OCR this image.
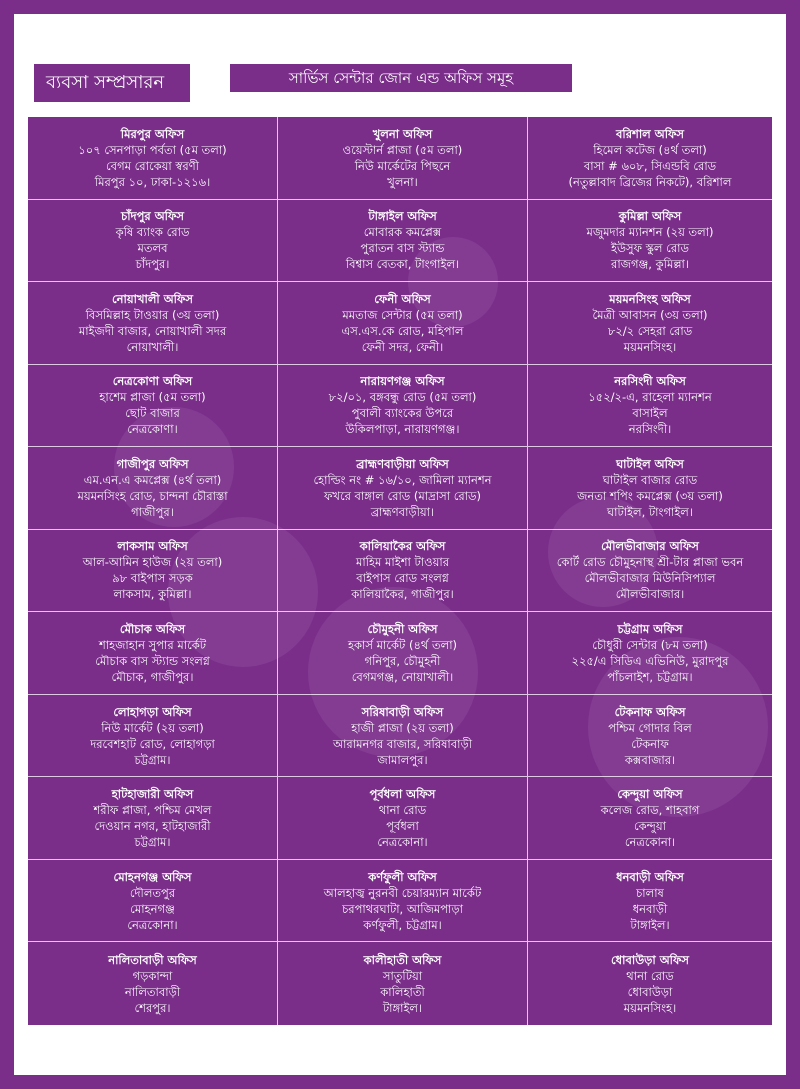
ব্যবসা সম্প্রসারন	সার্ভিস সেন্টার জোন এন্ড অফিস সমূহ
মিরপুর অফিস
১০৭ সেনপাড়া পর্বতা (৫ম তলা)
বেগম রোকেয়া স্বরণী
মিরপুর ১০, ঢাকা-১২১৬।
খুলনা অফিস
ওয়েস্টার্ন প্লাজা (৫ম তলা)
নিউ মার্কেটের পিছনে
খুলনা।
বরিশাল অফিস
হিমেল কটেজ (৪র্থ তলা)
বাসা # ৬০৮, সিএন্ডবি রোড
(নতুল্লাবাদ ব্রিজের নিকটে), বরিশাল
চাঁদপুর অফিস
কৃষি ব্যাংক রোড
মতলব
চাঁদপুর।
টাঙ্গাইল অফিস
মোবারক কমপ্লেক্স
পুরাতন বাস স্ট্যান্ড
বিশ্বাস বেতকা, টাংগাইল।
কুমিল্লা অফিস
মজুমদার ম্যানশন (২য় তলা)
ইউসুফ স্কুল রোড
রাজগঞ্জ, কুমিল্লা।
নোয়াখালী অফিস
বিসমিল্লাহ টাওয়ার (৩য় তলা)
মাইজদী বাজার, নোয়াখালী সদর
নোয়াখালী।
ফেনী অফিস
মমতাজ সেন্টার (৫ম তলা)
এস.এস.কে রোড, মহিপাল
ফেনী সদর, ফেনী।
ময়মনসিংহ অফিস
মৈত্রী আবাসন (৩য় তলা)
৮২/২ সেহরা রোড
ময়মনসিংহ।
নেত্রকোণা অফিস
হাশেম প্লাজা (৫ম তলা)
ছোট বাজার
নেত্রকোণা।
নারায়ণগঞ্জ অফিস
৮২/০১, বঙ্গবন্ধু রোড (৫ম তলা)
পুবালী ব্যাংকের উপরে
উকিলপাড়া, নারায়ণগঞ্জ।
নরসিংদী অফিস
১৫২/২-এ, রাহেলা ম্যানশন
বাসাইল
নরসিংদী।
গাজীপুর অফিস
এম.এন.এ কমপ্লেক্স (৪র্থ তলা)
ময়মনসিংহ রোড, চান্দনা চৌরাস্তা
গাজীপুর।
ব্রাহ্মণবাড়ীয়া অফিস
হোল্ডিং নং # ১৬/১০, জামিলা ম্যানশন
ফখরে বাঙ্গাল রোড (মাদ্রাসা রোড)
ব্রাহ্মণবাড়ীয়া।
ঘাটাইল অফিস
ঘাটাইল বাজার রোড
জনতা শপিং কমপ্লেক্স (৩য় তলা)
ঘাটাইল, টাংগাইল।
লাকসাম অফিস
আল-আমিন হাউজ (২য় তলা)
৯৮ বাইপাস সড়ক
লাকসাম, কুমিল্লা।
কালিয়াকৈর অফিস
মাহিম মাইশা টাওয়ার
বাইপাস রোড সংলগ্ন
কালিয়াকৈর, গাজীপুর।
মৌলভীবাজার অফিস
কোর্ট রোড চৌমুহনাস্থ শ্রী-টার প্লাজা ভবন
মৌলভীবাজার মিউনিসিপ্যাল
মৌলভীবাজার।
মৌচাক অফিস
শাহজাহান সুপার মার্কেট
মৌচাক বাস স্ট্যান্ড সংলগ্ন
মৌচাক, গাজীপুর।
চৌমুহনী অফিস
হকার্স মার্কেট (৪র্থ তলা)
গনিপুর, চৌমুহনী
বেগমগঞ্জ, নোয়াখালী।
চট্টগ্রাম অফিস
চৌধুরী সেন্টার (৮ম তলা)
২২৫/এ সিডিএ এভিনিউ, মুরাদপুর
পাঁচলাইশ, চট্টগ্রাম।
লোহাগড়া অফিস
নিউ মার্কেট (২য় তলা)
দরবেশহাট রোড, লোহাগড়া
চট্টগ্রাম।
সরিষাবাড়ী অফিস
হাজী প্লাজা (২য় তলা)
আরামনগর বাজার, সরিষাবাড়ী
জামালপুর।
টেকনাফ অফিস
পশ্চিম গোদার বিল
টেকনাফ
কক্সবাজার।
হাটহাজারী অফিস
শরীফ প্লাজা, পশ্চিম মেখল
দেওয়ান নগর, হাটহাজারী
চট্টগ্রাম।
পূর্বধলা অফিস
থানা রোড
পূর্বধলা
নেত্রকোনা।
কেন্দুয়া অফিস
কলেজ রোড, শাহবাগ
কেন্দুয়া
নেত্রকোনা।
মোহনগঞ্জ অফিস
দৌলতপুর
মোহনগঞ্জ
নেত্রকোনা।
কর্ণফুলী অফিস
আলহাজ্ব নুরনবী চেয়ারম্যান মার্কেট
চরপাথরঘাটা, আজিমপাড়া
কর্ণফুলী, চট্টগ্রাম।
ধনবাড়ী অফিস
চালাষ
ধনবাড়ী
টাঙ্গাইল।
নালিতাবাড়ী অফিস
গড়কান্দা
নালিতাবাড়ী
শেরপুর।
কালীহাতী অফিস
সাতুটিয়া
কালিহাতী
টাঙ্গাইল।
ধোবাউড়া অফিস
থানা রোড
ধোবাউড়া
ময়মনসিংহ।
